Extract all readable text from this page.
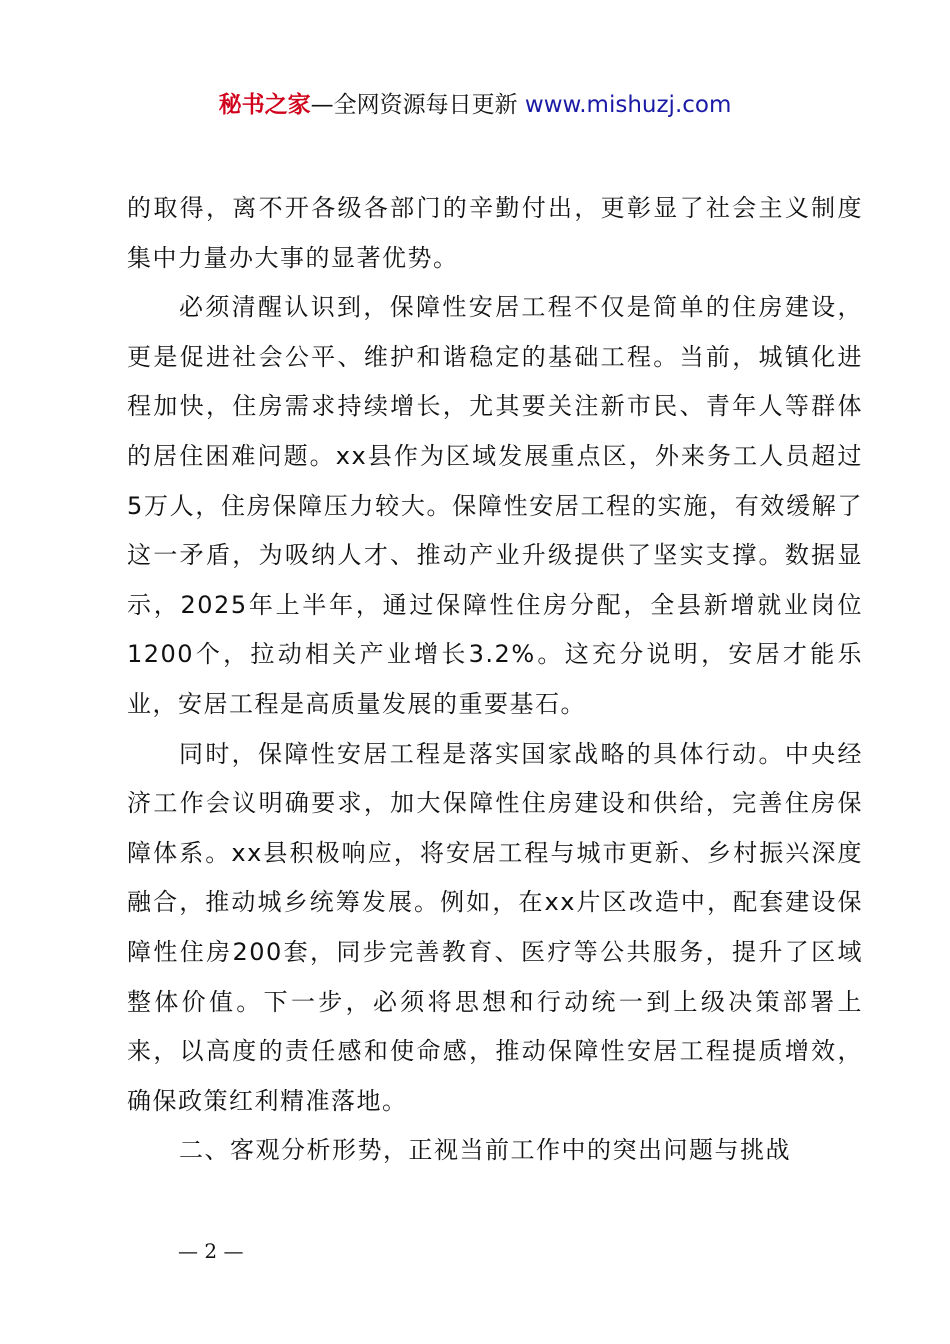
秘书之家—全网资源每日更新 www.mishuzj.com

的取得，离不开各级各部门的辛勤付出，更彰显了社会主义制度集中力量办大事的显著优势。

必须清醒认识到，保障性安居工程不仅是简单的住房建设，更是促进社会公平、维护和谐稳定的基础工程。当前，城镇化进程加快，住房需求持续增长，尤其要关注新市民、青年人等群体的居住困难问题。xx县作为区域发展重点区，外来务工人员超过5万人，住房保障压力较大。保障性安居工程的实施，有效缓解了这一矛盾，为吸纳人才、推动产业升级提供了坚实支撑。数据显示，2025年上半年，通过保障性住房分配，全县新增就业岗位1200个，拉动相关产业增长3.2%。这充分说明，安居才能乐业，安居工程是高质量发展的重要基石。

同时，保障性安居工程是落实国家战略的具体行动。中央经济工作会议明确要求，加大保障性住房建设和供给，完善住房保障体系。xx县积极响应，将安居工程与城市更新、乡村振兴深度融合，推动城乡统筹发展。例如，在xx片区改造中，配套建设保障性住房200套，同步完善教育、医疗等公共服务，提升了区域整体价值。下一步，必须将思想和行动统一到上级决策部署上来，以高度的责任感和使命感，推动保障性安居工程提质增效，确保政策红利精准落地。

二、客观分析形势，正视当前工作中的突出问题与挑战

— 2 —
